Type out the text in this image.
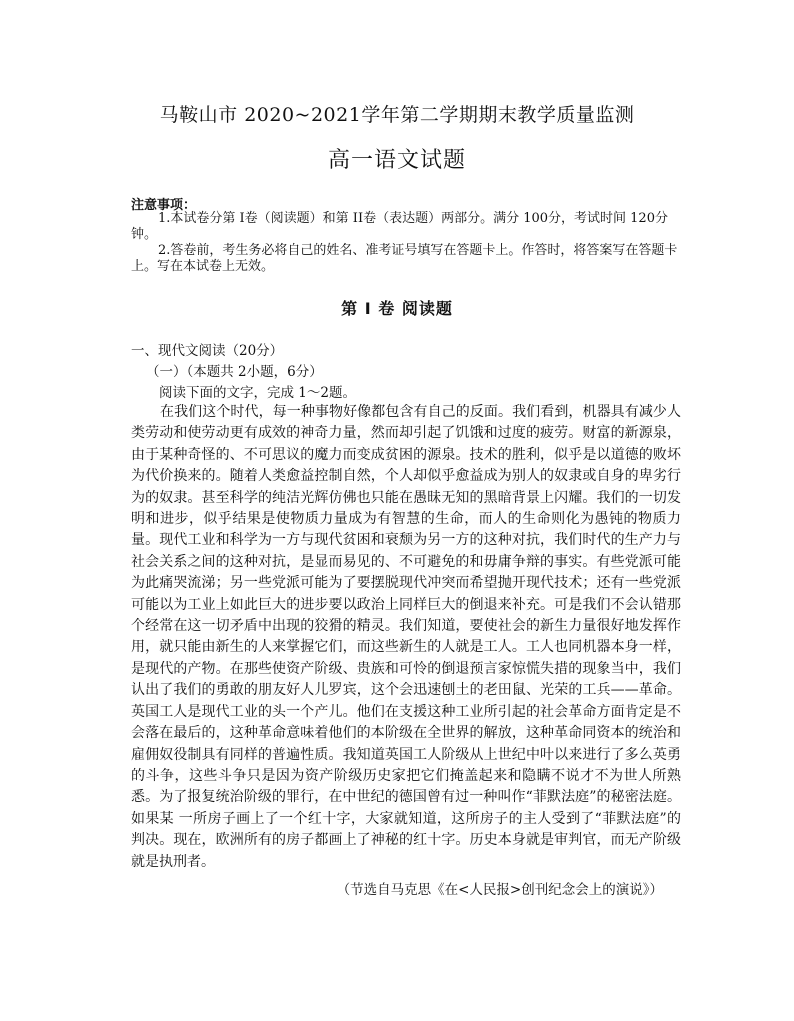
马鞍山市 2020~2021学年第二学期期末教学质量监测
高一语文试题
注意事项：
1.本试卷分第 I卷（阅读题）和第 II卷（表达题）两部分。满分 100分，考试时间 120分钟。
2.答卷前，考生务必将自己的姓名、准考证号填写在答题卡上。作答时，将答案写在答题卡上。写在本试卷上无效。
第 I 卷 阅读题
一、现代文阅读（20分）
（一）（本题共 2小题，6分）
阅读下面的文字，完成 1～2题。
在我们这个时代，每一种事物好像都包含有自己的反面。我们看到，机器具有减少人类劳动和使劳动更有成效的神奇力量，然而却引起了饥饿和过度的疲劳。财富的新源泉，由于某种奇怪的、不可思议的魔力而变成贫困的源泉。技术的胜利，似乎是以道德的败坏为代价换来的。随着人类愈益控制自然，个人却似乎愈益成为别人的奴隶或自身的卑劣行为的奴隶。甚至科学的纯洁光辉仿佛也只能在愚昧无知的黑暗背景上闪耀。我们的一切发明和进步，似乎结果是使物质力量成为有智慧的生命，而人的生命则化为愚钝的物质力量。现代工业和科学为一方与现代贫困和衰颓为另一方的这种对抗，我们时代的生产力与社会关系之间的这种对抗，是显而易见的、不可避免的和毋庸争辩的事实。有些党派可能为此痛哭流涕；另一些党派可能为了要摆脱现代冲突而希望抛开现代技术；还有一些党派可能以为工业上如此巨大的进步要以政治上同样巨大的倒退来补充。可是我们不会认错那个经常在这一切矛盾中出现的狡猾的精灵。我们知道，要使社会的新生力量很好地发挥作用，就只能由新生的人来掌握它们，而这些新生的人就是工人。工人也同机器本身一样，是现代的产物。在那些使资产阶级、贵族和可怜的倒退预言家惊慌失措的现象当中，我们认出了我们的勇敢的朋友好人儿罗宾，这个会迅速刨土的老田鼠、光荣的工兵——革命。英国工人是现代工业的头一个产儿。他们在支援这种工业所引起的社会革命方面肯定是不会落在最后的，这种革命意味着他们的本阶级在全世界的解放，这种革命同资本的统治和雇佣奴役制具有同样的普遍性质。我知道英国工人阶级从上世纪中叶以来进行了多么英勇的斗争，这些斗争只是因为资产阶级历史家把它们掩盖起来和隐瞒不说才不为世人所熟悉。为了报复统治阶级的罪行，在中世纪的德国曾有过一种叫作“菲默法庭”的秘密法庭。如果某 一所房子画上了一个红十字，大家就知道，这所房子的主人受到了“菲默法庭”的判决。现在，欧洲所有的房子都画上了神秘的红十字。历史本身就是审判官，而无产阶级就是执刑者。
（节选自马克思《在<人民报>创刊纪念会上的演说》）
